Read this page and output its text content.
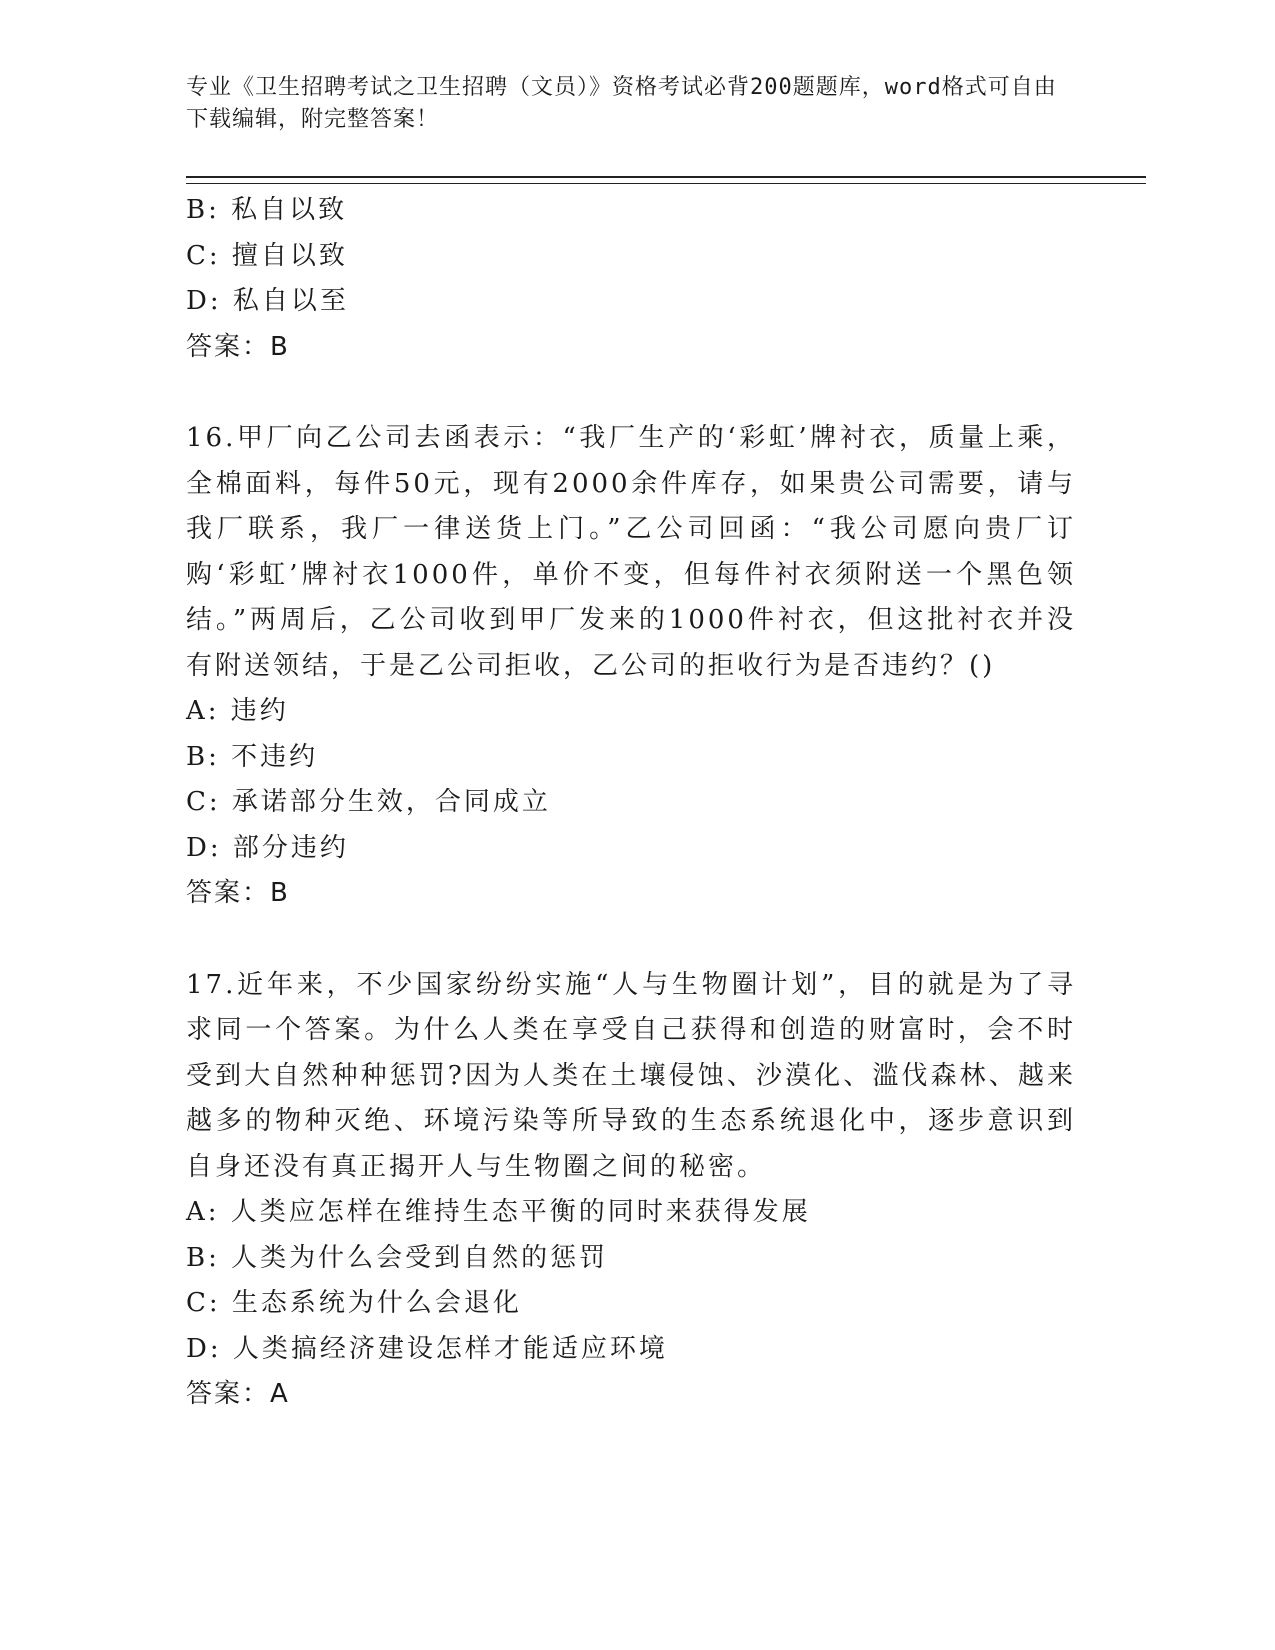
专业《卫生招聘考试之卫生招聘（文员）》资格考试必背200题题库，word格式可自由下载编辑，附完整答案！
B: 私自以致
C: 擅自以致
D: 私自以至
答案：B
16.甲厂向乙公司去函表示：“我厂生产的‘彩虹’牌衬衣，质量上乘，全棉面料，每件50元，现有2000余件库存，如果贵公司需要，请与我厂联系，我厂一律送货上门。”乙公司回函：“我公司愿向贵厂订购‘彩虹’牌衬衣1000件，单价不变，但每件衬衣须附送一个黑色领结。”两周后，乙公司收到甲厂发来的1000件衬衣，但这批衬衣并没有附送领结，于是乙公司拒收，乙公司的拒收行为是否违约？()
A: 违约
B: 不违约
C: 承诺部分生效，合同成立
D: 部分违约
答案：B
17.近年来，不少国家纷纷实施“人与生物圈计划”，目的就是为了寻求同一个答案。为什么人类在享受自己获得和创造的财富时，会不时受到大自然种种惩罚?因为人类在土壤侵蚀、沙漠化、滥伐森林、越来越多的物种灭绝、环境污染等所导致的生态系统退化中，逐步意识到自身还没有真正揭开人与生物圈之间的秘密。
A: 人类应怎样在维持生态平衡的同时来获得发展
B: 人类为什么会受到自然的惩罚
C: 生态系统为什么会退化
D: 人类搞经济建设怎样才能适应环境
答案：A
